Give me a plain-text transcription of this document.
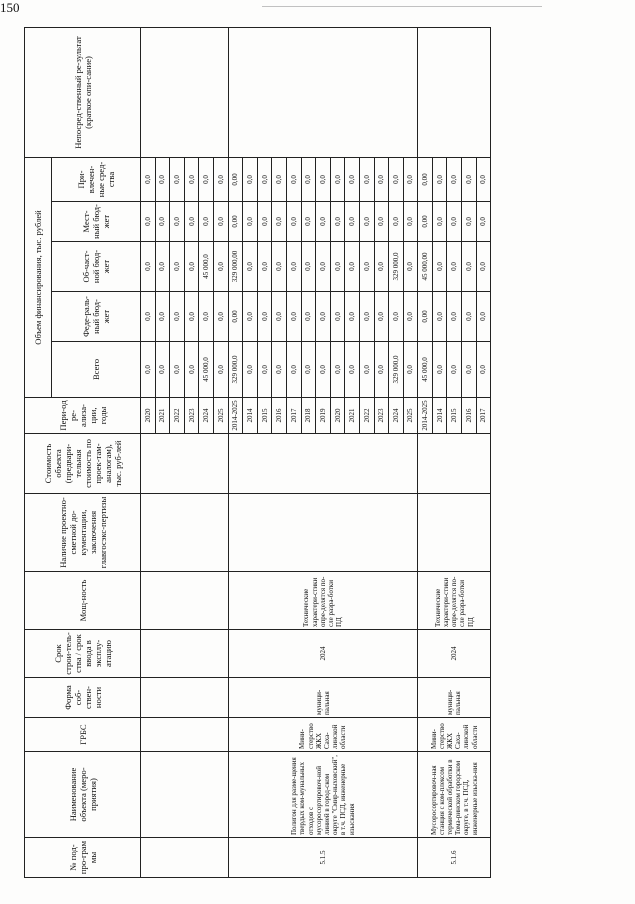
150
№ под-про-грам мы	Наименование объекта (меро-приятия)	ГРБС	Форма соб-ствен-ности	Срок строи-тель-ства / срок ввода в эксплу-атацию	Мощ-ность	Наличие проектно-сметной до-кументации, заключения главгосэкс-пертизы	Стоимость объекта (предвари-тельная стоимость по проек-там-аналогам), тыс. руб-лей	Пери-од ре-ализа-ции, годы	Объем финансирования, тыс. рублей					Непосред-ственный ре-зультат (краткое опи-сание)
									Всего	Феде-раль-ный бюд-жет	Об-част-ной бюд-жет	Мест-ный бюд-жет	При-влечен-ные сред-ства	
								2020	0,0	0,0	0,0	0,0	0,0	
								2021	0,0	0,0	0,0	0,0	0,0	
								2022	0,0	0,0	0,0	0,0	0,0	
								2023	0,0	0,0	0,0	0,0	0,0	
								2024	45 000,0	0,0	45 000,0	0,0	0,0	
								2025	0,0	0,0	0,0	0,0	0,0	
5.1.5	Полигон для разме-щения твердых ком-мунальных отходов с мусоросортировоч-ной линией в город-ском округе "Смир-ныховский", в т.ч. ПСД, инженерные изыскания	Мини-стерство ЖКХ Саха-линской области	муници-пальная	2024	Технические характери-стики опре-делятся по-сле разра-ботки ПД			2014-2025	329 000,0	0,00	329 000,00	0,00	0,00	
								2014	0,0	0,0	0,0	0,0	0,0	
								2015	0,0	0,0	0,0	0,0	0,0	
								2016	0,0	0,0	0,0	0,0	0,0	
								2017	0,0	0,0	0,0	0,0	0,0	
								2018	0,0	0,0	0,0	0,0	0,0	
								2019	0,0	0,0	0,0	0,0	0,0	
								2020	0,0	0,0	0,0	0,0	0,0	
								2021	0,0	0,0	0,0	0,0	0,0	
								2022	0,0	0,0	0,0	0,0	0,0	
								2023	0,0	0,0	0,0	0,0	0,0	
								2024	329 000,0	0,0	329 000,0	0,0	0,0	
								2025	0,0	0,0	0,0	0,0	0,0	
5.1.6	Мусоросортировоч-ная станция с ком-плексом термической обработки в Тома-ринском городском округе, в т.ч. ПСД, инженерные изыска-ния	Мини-стерство ЖКХ Саха-линской области	муници-пальная	2024	Технические характери-стики опре-делятся по-сле разра-ботки ПД			2014-2025	45 000,0	0,00	45 000,00	0,00	0,00	
								2014	0,0	0,0	0,0	0,0	0,0	
								2015	0,0	0,0	0,0	0,0	0,0	
								2016	0,0	0,0	0,0	0,0	0,0	
								2017	0,0	0,0	0,0	0,0	0,0	
